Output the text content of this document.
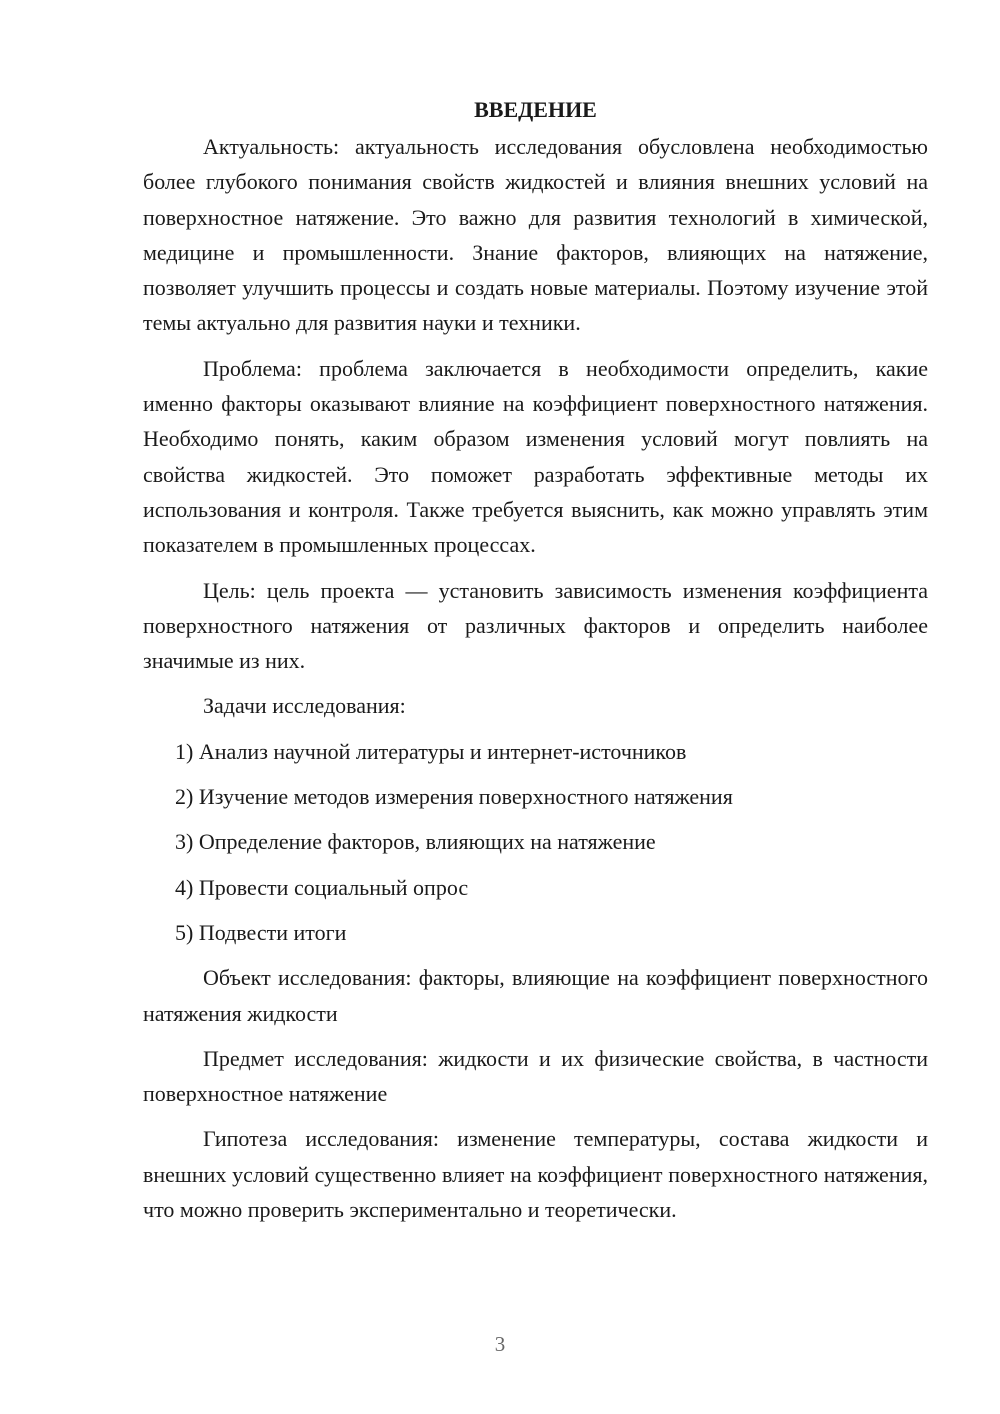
ВВЕДЕНИЕ

Актуальность: актуальность исследования обусловлена необходимостью более глубокого понимания свойств жидкостей и влияния внешних условий на поверхностное натяжение. Это важно для развития технологий в химической, медицине и промышленности. Знание факторов, влияющих на натяжение, позволяет улучшить процессы и создать новые материалы. Поэтому изучение этой темы актуально для развития науки и техники.

Проблема: проблема заключается в необходимости определить, какие именно факторы оказывают влияние на коэффициент поверхностного натяжения. Необходимо понять, каким образом изменения условий могут повлиять на свойства жидкостей. Это поможет разработать эффективные методы их использования и контроля. Также требуется выяснить, как можно управлять этим показателем в промышленных процессах.

Цель: цель проекта — установить зависимость изменения коэффициента поверхностного натяжения от различных факторов и определить наиболее значимые из них.

Задачи исследования:

1) Анализ научной литературы и интернет-источников
2) Изучение методов измерения поверхностного натяжения
3) Определение факторов, влияющих на натяжение
4) Провести социальный опрос
5) Подвести итоги

Объект исследования: факторы, влияющие на коэффициент поверхностного натяжения жидкости

Предмет исследования: жидкости и их физические свойства, в частности поверхностное натяжение

Гипотеза исследования: изменение температуры, состава жидкости и внешних условий существенно влияет на коэффициент поверхностного натяжения, что можно проверить экспериментально и теоретически.

3
